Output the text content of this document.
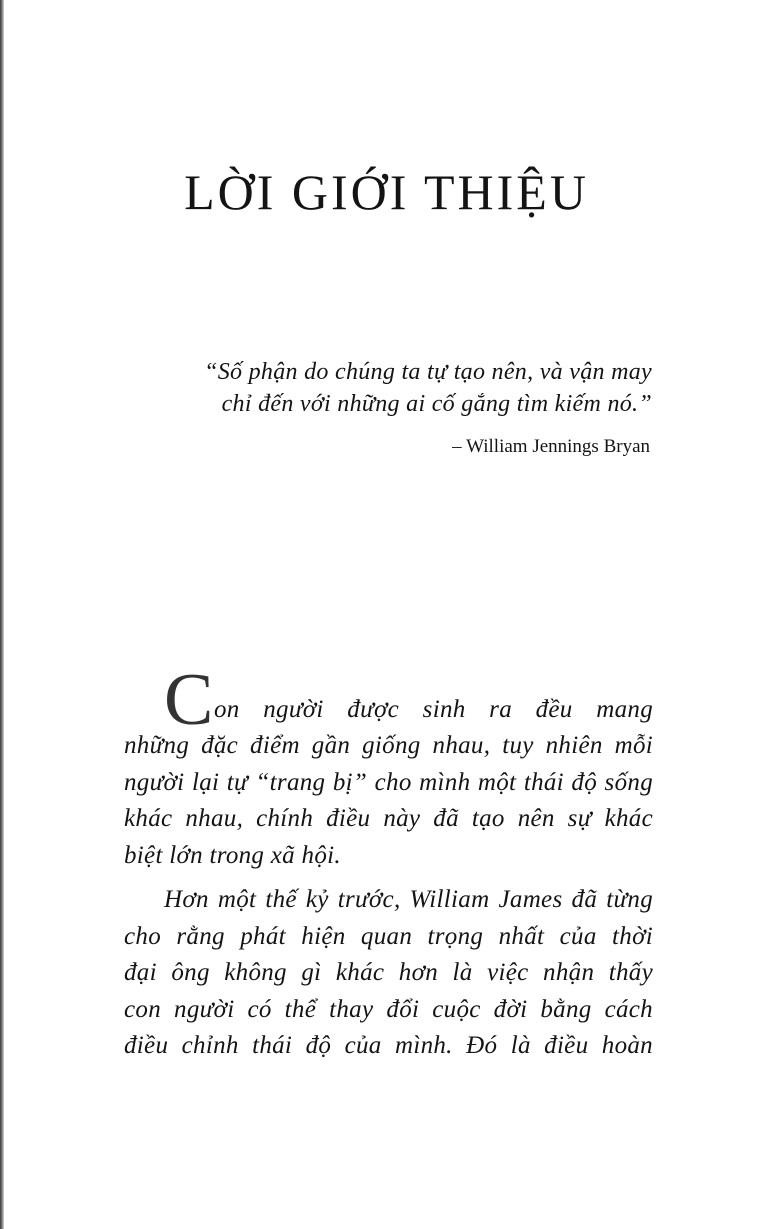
LỜI GIỚI THIỆU
“Số phận do chúng ta tự tạo nên, và vận may
chỉ đến với những ai cố gắng tìm kiếm nó.”
– William Jennings Bryan
C on người được sinh ra đều mang
những đặc điểm gần giống nhau, tuy nhiên mỗi
người lại tự “trang bị” cho mình một thái độ sống
khác nhau, chính điều này đã tạo nên sự khác
biệt lớn trong xã hội.
Hơn một thế kỷ trước, William James đã từng
cho rằng phát hiện quan trọng nhất của thời
đại ông không gì khác hơn là việc nhận thấy
con người có thể thay đổi cuộc đời bằng cách
điều chỉnh thái độ của mình. Đó là điều hoàn
